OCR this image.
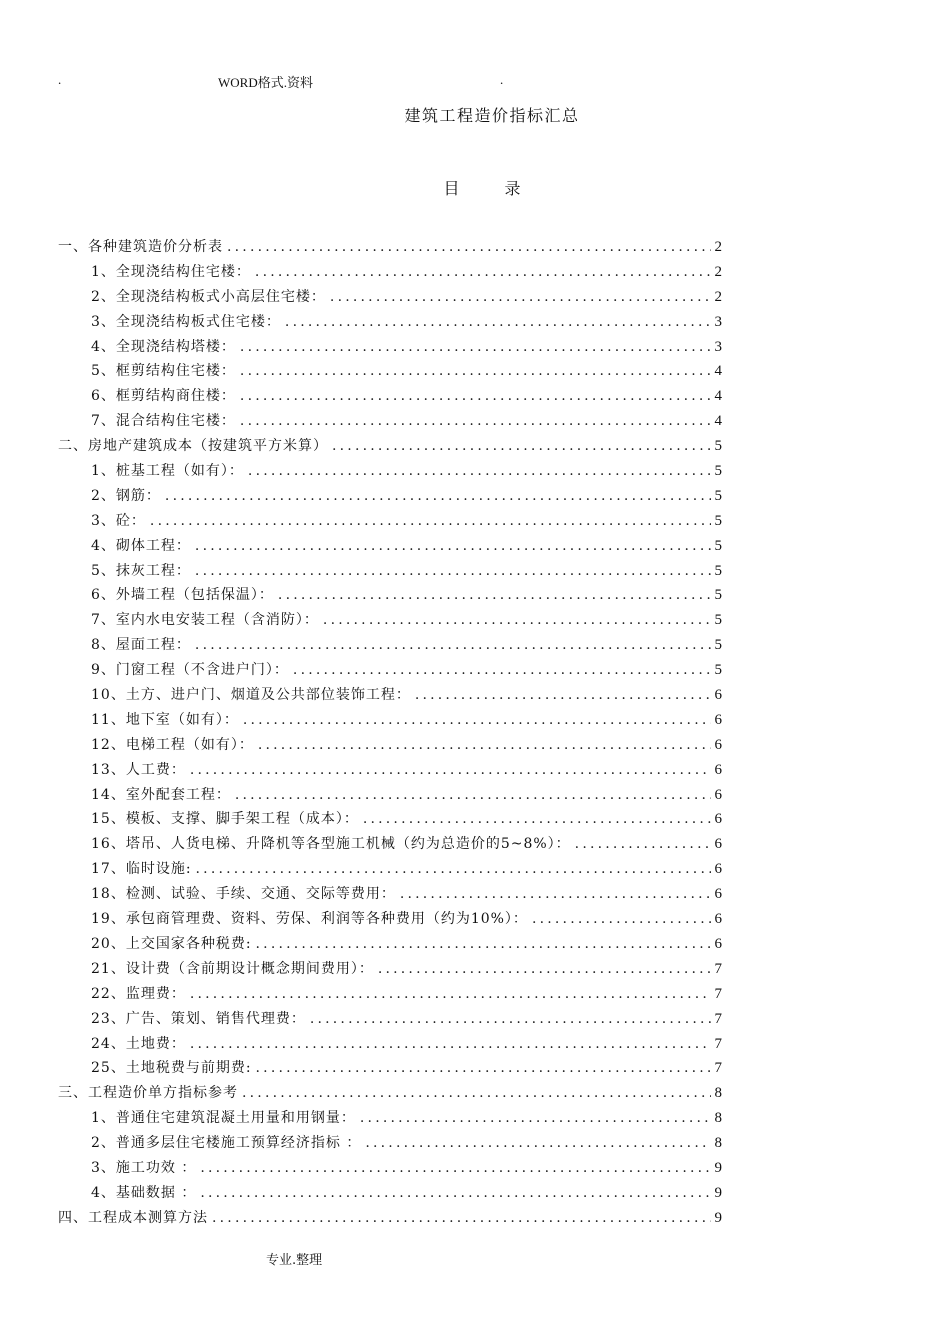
.	WORD格式.资料	.
建筑工程造价指标汇总
目 录
一、各种建筑造价分析表 .....	2
1、全现浇结构住宅楼： .....	2
2、全现浇结构板式小高层住宅楼： .....	2
3、全现浇结构板式住宅楼： .....	3
4、全现浇结构塔楼： .....	3
5、框剪结构住宅楼： .....	4
6、框剪结构商住楼： .....	4
7、混合结构住宅楼： .....	4
二、房地产建筑成本（按建筑平方米算） .....	5
1、桩基工程（如有）： .....	5
2、钢筋： .....	5
3、砼： .....	5
4、砌体工程： .....	5
5、抹灰工程： .....	5
6、外墙工程（包括保温）： .....	5
7、室内水电安装工程（含消防）： .....	5
8、屋面工程： .....	5
9、门窗工程（不含进户门）： .....	5
10、土方、进户门、烟道及公共部位装饰工程： .....	6
11、地下室（如有）： .....	6
12、电梯工程（如有）： .....	6
13、人工费： .....	6
14、室外配套工程： .....	6
15、模板、支撑、脚手架工程（成本）： .....	6
16、塔吊、人货电梯、升降机等各型施工机械（约为总造价的5~8%）： .....	6
17、临时设施: .....	6
18、检测、试验、手续、交通、交际等费用： .....	6
19、承包商管理费、资料、劳保、利润等各种费用（约为10%）： .....	6
20、上交国家各种税费: .....	6
21、设计费（含前期设计概念期间费用）： .....	7
22、监理费： .....	7
23、广告、策划、销售代理费： .....	7
24、土地费： .....	7
25、土地税费与前期费: .....	7
三、工程造价单方指标参考 .....	8
1、普通住宅建筑混凝土用量和用钢量： .....	8
2、普通多层住宅楼施工预算经济指标 ： .....	8
3、施工功效 ： .....	9
4、基础数据 ： .....	9
四、工程成本测算方法 .....	9
专业.整理
